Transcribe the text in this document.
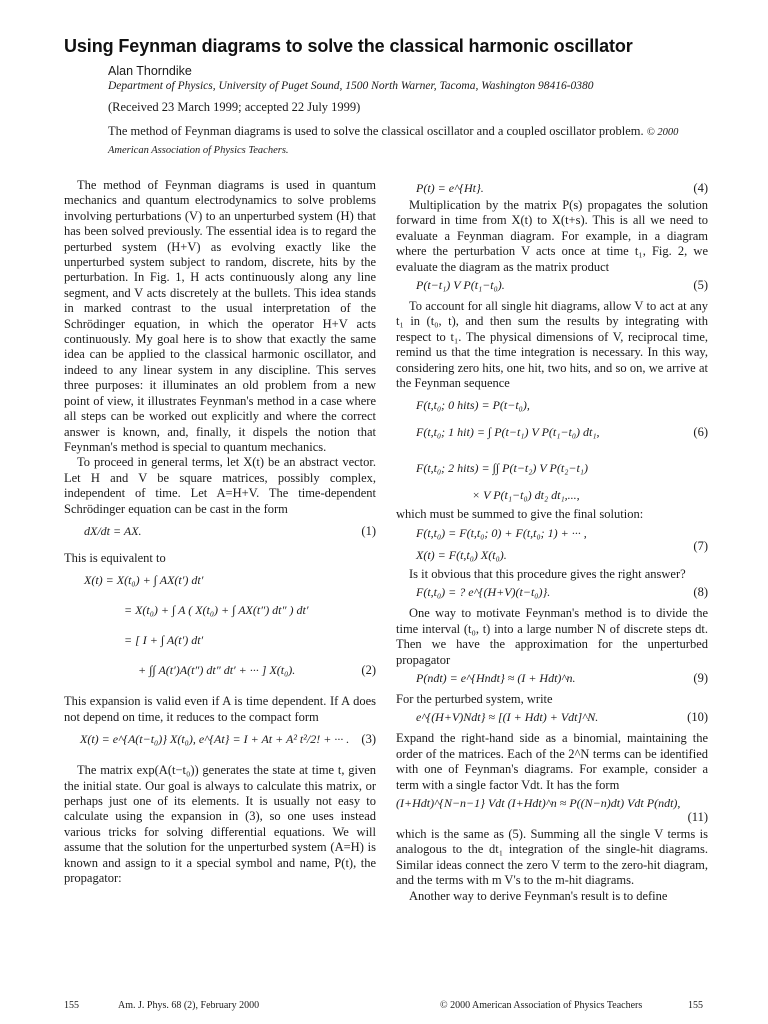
Using Feynman diagrams to solve the classical harmonic oscillator
Alan Thorndike
Department of Physics, University of Puget Sound, 1500 North Warner, Tacoma, Washington 98416-0380
(Received 23 March 1999; accepted 22 July 1999)
The method of Feynman diagrams is used to solve the classical oscillator and a coupled oscillator problem. © 2000 American Association of Physics Teachers.

The method of Feynman diagrams is used in quantum mechanics and quantum electrodynamics to solve problems involving perturbations (V) to an unperturbed system (H) that has been solved previously. The essential idea is to regard the perturbed system (H+V) as evolving exactly like the unperturbed system subject to random, discrete, hits by the perturbation. In Fig. 1, H acts continuously along any line segment, and V acts discretely at the bullets. This idea stands in marked contrast to the usual interpretation of the Schrödinger equation, in which the operator H+V acts continuously. My goal here is to show that exactly the same idea can be applied to the classical harmonic oscillator, and indeed to any linear system in any discipline. This serves three purposes: it illuminates an old problem from a new point of view, it illustrates Feynman's method in a case where all steps can be worked out explicitly and where the correct answer is known, and, finally, it dispels the notion that Feynman's method is special to quantum mechanics.

To proceed in general terms, let X(t) be an abstract vector. Let H and V be square matrices, possibly complex, independent of time. Let A=H+V. The time-dependent Schrödinger equation can be cast in the form

dX/dt = AX.	(1)

This is equivalent to

X(t) = X(t₀) + ∫ AX(t′) dt′
= X(t₀) + ∫ A ( X(t₀) + ∫ AX(t″) dt″ ) dt′
= [ I + ∫ A(t′) dt′
+ ∫∫ A(t′)A(t″) dt″ dt′ + ··· ] X(t₀).	(2)

This expansion is valid even if A is time dependent. If A does not depend on time, it reduces to the compact form

X(t) = e^{A(t−t₀)} X(t₀), e^{At} = I + At + A² t²/2! + ··· . (3)

The matrix exp(A(t−t₀)) generates the state at time t, given the initial state. Our goal is always to calculate this matrix, or perhaps just one of its elements. It is usually not easy to calculate using the expansion in (3), so one uses instead various tricks for solving differential equations. We will assume that the solution for the unperturbed system (A=H) is known and assign to it a special symbol and name, P(t), the propagator:

P(t) = e^{Ht}.	(4)

Multiplication by the matrix P(s) propagates the solution forward in time from X(t) to X(t+s). This is all we need to evaluate a Feynman diagram. For example, in a diagram where the perturbation V acts once at time t₁, Fig. 2, we evaluate the diagram as the matrix product

P(t−t₁) V P(t₁−t₀).	(5)

To account for all single hit diagrams, allow V to act at any t₁ in (t₀, t), and then sum the results by integrating with respect to t₁. The physical dimensions of V, reciprocal time, remind us that the time integration is necessary. In this way, considering zero hits, one hit, two hits, and so on, we arrive at the Feynman sequence

F(t,t₀; 0 hits) = P(t−t₀),
F(t,t₀; 1 hit) = ∫ P(t−t₁) V P(t₁−t₀) dt₁,	(6)
F(t,t₀; 2 hits) = ∫∫ P(t−t₂) V P(t₂−t₁)
× V P(t₁−t₀) dt₂ dt₁,...,

which must be summed to give the final solution:

F(t,t₀) = F(t,t₀; 0) + F(t,t₀; 1) + ··· ,
X(t) = F(t,t₀) X(t₀).
(7)

Is it obvious that this procedure gives the right answer?

F(t,t₀) = ? e^{(H+V)(t−t₀)}.	(8)

One way to motivate Feynman's method is to divide the time interval (t₀, t) into a large number N of discrete steps dt. Then we have the approximation for the unperturbed propagator

P(ndt) = e^{Hndt} ≈ (I + Hdt)^n.	(9)

For the perturbed system, write

e^{(H+V)Ndt} ≈ [(I + Hdt) + Vdt]^N.	(10)

Expand the right-hand side as a binomial, maintaining the order of the matrices. Each of the 2^N terms can be identified with one of Feynman's diagrams. For example, consider a term with a single factor Vdt. It has the form

(I+Hdt)^{N−n−1} Vdt (I+Hdt)^n ≈ P((N−n)dt) Vdt P(ndt),
(11)

which is the same as (5). Summing all the single V terms is analogous to the dt₁ integration of the single-hit diagrams. Similar ideas connect the zero V term to the zero-hit diagram, and the terms with m V's to the m-hit diagrams.

Another way to derive Feynman's result is to define

155	Am. J. Phys. 68 (2), February 2000	© 2000 American Association of Physics Teachers	155
